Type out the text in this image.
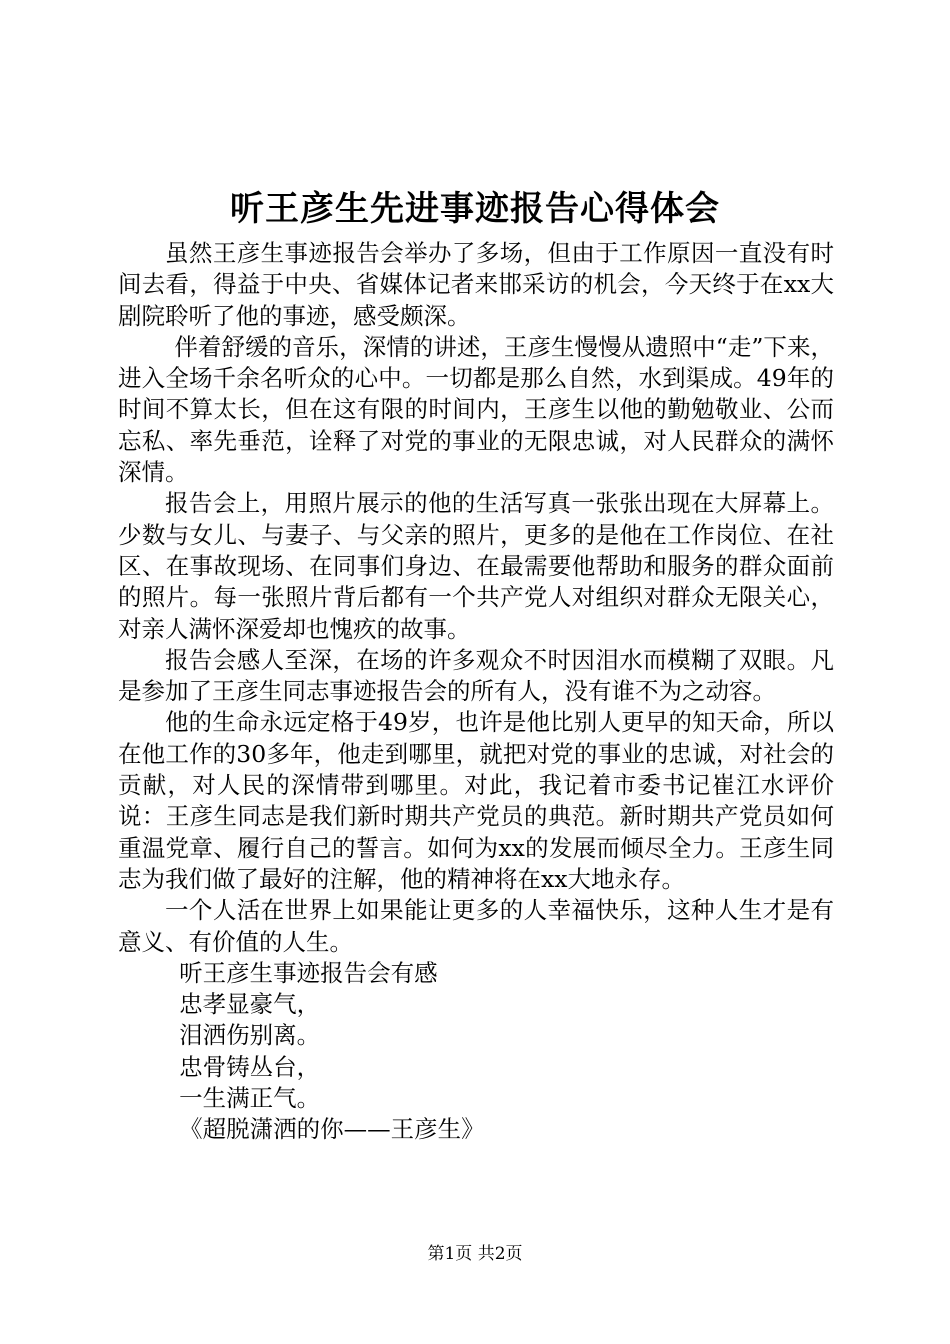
听王彦生先进事迹报告心得体会

虽然王彦生事迹报告会举办了多场，但由于工作原因一直没有时间去看，得益于中央、省媒体记者来邯采访的机会，今天终于在xx大剧院聆听了他的事迹，感受颇深。

伴着舒缓的音乐，深情的讲述，王彦生慢慢从遗照中“走”下来，进入全场千余名听众的心中。一切都是那么自然，水到渠成。49年的时间不算太长，但在这有限的时间内，王彦生以他的勤勉敬业、公而忘私、率先垂范，诠释了对党的事业的无限忠诚，对人民群众的满怀深情。

报告会上，用照片展示的他的生活写真一张张出现在大屏幕上。少数与女儿、与妻子、与父亲的照片，更多的是他在工作岗位、在社区、在事故现场、在同事们身边、在最需要他帮助和服务的群众面前的照片。每一张照片背后都有一个共产党人对组织对群众无限关心，对亲人满怀深爱却也愧疚的故事。

报告会感人至深，在场的许多观众不时因泪水而模糊了双眼。凡是参加了王彦生同志事迹报告会的所有人，没有谁不为之动容。

他的生命永远定格于49岁，也许是他比别人更早的知天命，所以在他工作的30多年，他走到哪里，就把对党的事业的忠诚，对社会的贡献，对人民的深情带到哪里。对此，我记着市委书记崔江水评价说：王彦生同志是我们新时期共产党员的典范。新时期共产党员如何重温党章、履行自己的誓言。如何为xx的发展而倾尽全力。王彦生同志为我们做了最好的注解，他的精神将在xx大地永存。

一个人活在世界上如果能让更多的人幸福快乐，这种人生才是有意义、有价值的人生。

听王彦生事迹报告会有感

忠孝显豪气，

泪洒伤别离。

忠骨铸丛台，

一生满正气。

《超脱潇洒的你——王彦生》

第1页 共2页
